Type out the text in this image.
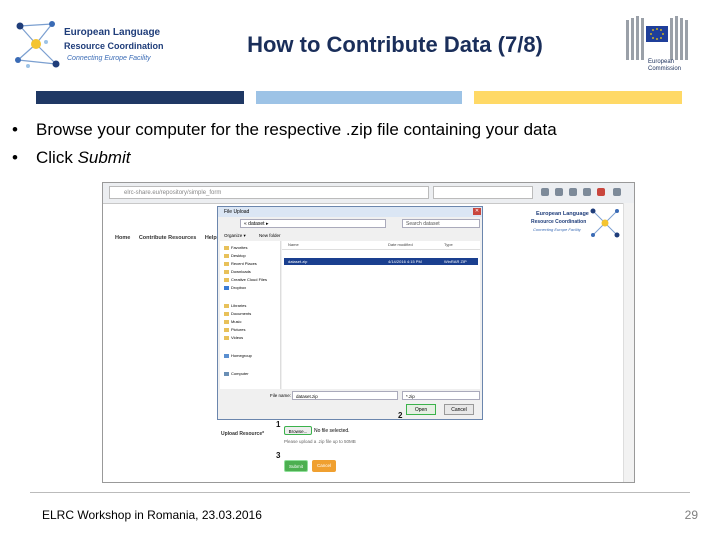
European Language
Resource Coordination
Connecting Europe Facility
How to Contribute Data (7/8)
European
Commission
• Browse your computer for the respective .zip file containing your data
• Click Submit
elrc-share.eu/repository/simple_form
Home Contribute Resources Help
European Language
Resource Coordination
Connecting Europe Facility
File Upload	✕
« dataset ▸	Search dataset
Organize ▾	New folder
Favorites
Desktop
Recent Places
Downloads
Creative Cloud Files
Dropbox
Libraries
Documents
Music
Pictures
Videos
Homegroup
Computer
Name	Date modified	Type
dataset.zip	4/14/2016 4:15 PM	WinRAR ZIP archive
File name:	dataset.zip	*.zip
2
Open	Cancel
1
Upload Resource*	Browse...	No file selected.
Please upload a .zip file up to 50MB
3
Submit	Cancel
ELRC Workshop in Romania, 23.03.2016	29
